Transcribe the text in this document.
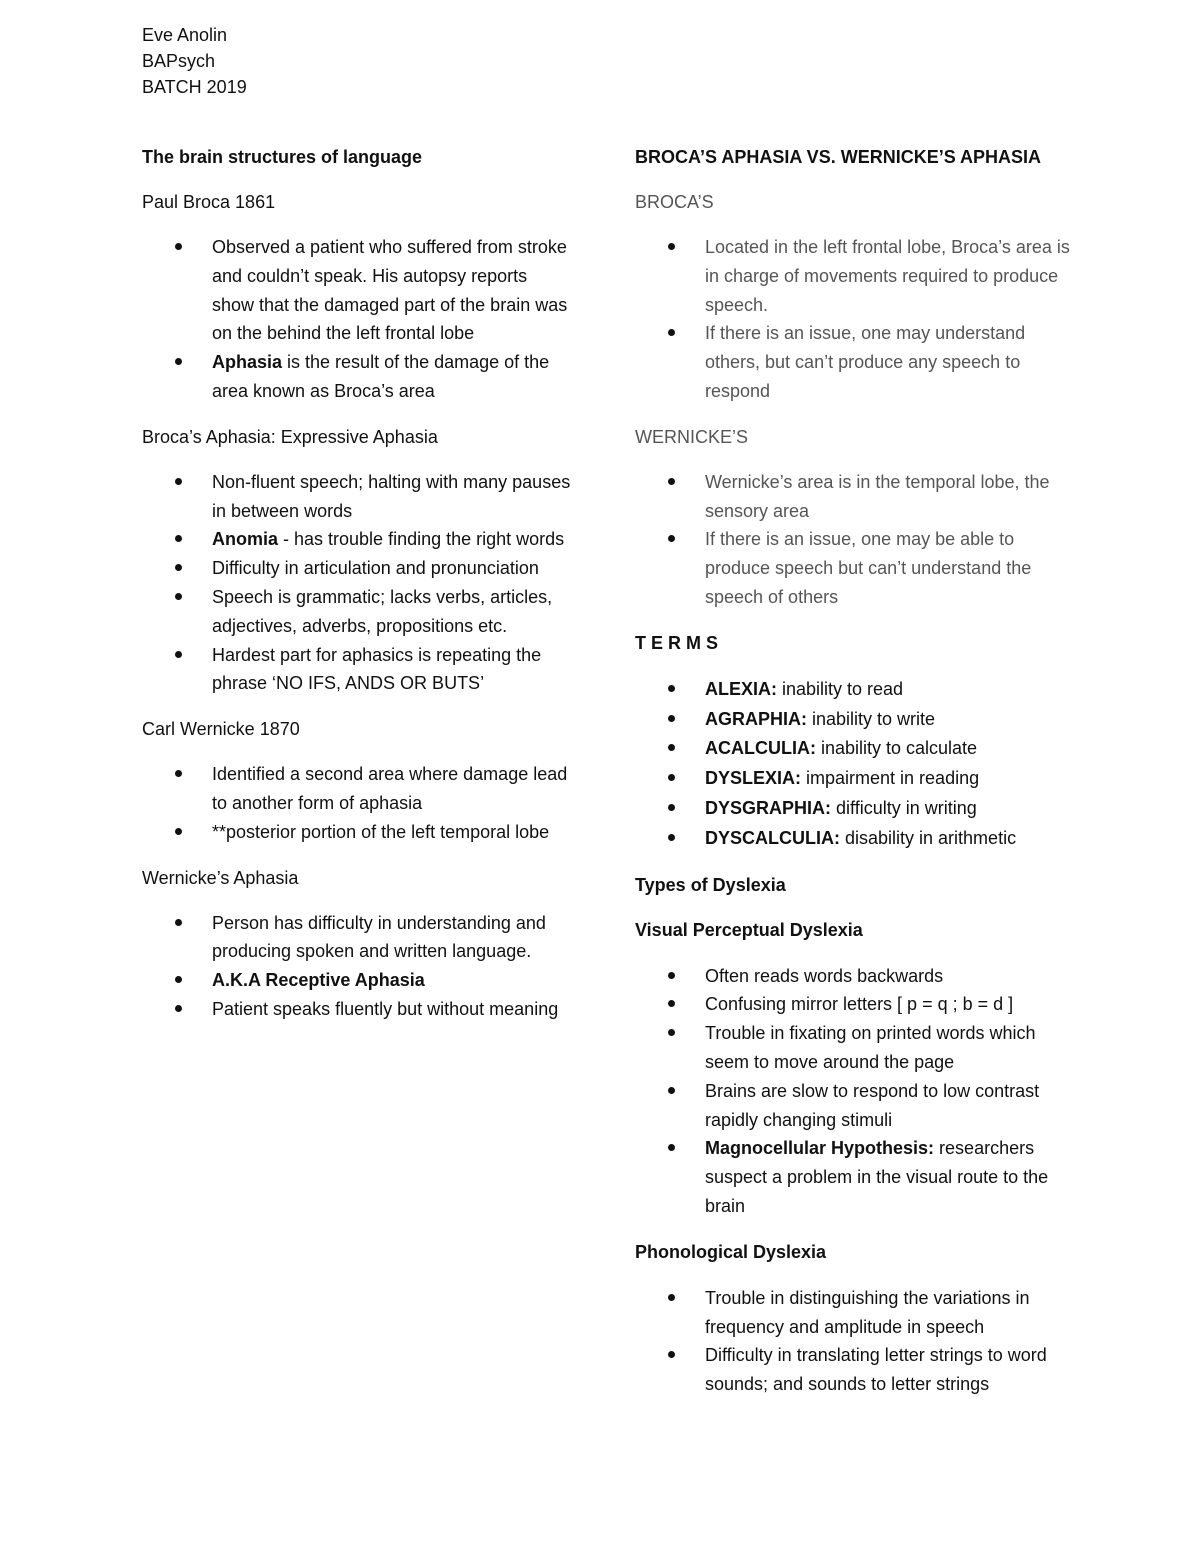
Eve Anolin
BAPsych
BATCH 2019
The brain structures of language
Paul Broca 1861
Observed a patient who suffered from stroke and couldn’t speak. His autopsy reports show that the damaged part of the brain was on the behind the left frontal lobe
Aphasia is the result of the damage of the area known as Broca’s area
Broca’s Aphasia: Expressive Aphasia
Non-fluent speech; halting with many pauses in between words
Anomia - has trouble finding the right words
Difficulty in articulation and pronunciation
Speech is grammatic; lacks verbs, articles, adjectives, adverbs, propositions etc.
Hardest part for aphasics is repeating the phrase ‘NO IFS, ANDS OR BUTS’
Carl Wernicke 1870
Identified a second area where damage lead to another form of aphasia
**posterior portion of the left temporal lobe
Wernicke’s Aphasia
Person has difficulty in understanding and producing spoken and written language.
A.K.A Receptive Aphasia
Patient speaks fluently but without meaning
BROCA’S APHASIA VS. WERNICKE’S APHASIA
BROCA’S
Located in the left frontal lobe, Broca’s area is in charge of movements required to produce speech.
If there is an issue, one may understand others, but can’t produce any speech to respond
WERNICKE’S
Wernicke’s area is in the temporal lobe, the sensory area
If there is an issue, one may be able to produce speech but can’t understand the speech of others
TERMS
ALEXIA: inability to read
AGRAPHIA: inability to write
ACALCULIA: inability to calculate
DYSLEXIA: impairment in reading
DYSGRAPHIA: difficulty in writing
DYSCALCULIA: disability in arithmetic
Types of Dyslexia
Visual Perceptual Dyslexia
Often reads words backwards
Confusing mirror letters [ p = q ; b = d ]
Trouble in fixating on printed words which seem to move around the page
Brains are slow to respond to low contrast rapidly changing stimuli
Magnocellular Hypothesis: researchers suspect a problem in the visual route to the brain
Phonological Dyslexia
Trouble in distinguishing the variations in frequency and amplitude in speech
Difficulty in translating letter strings to word sounds; and sounds to letter strings
